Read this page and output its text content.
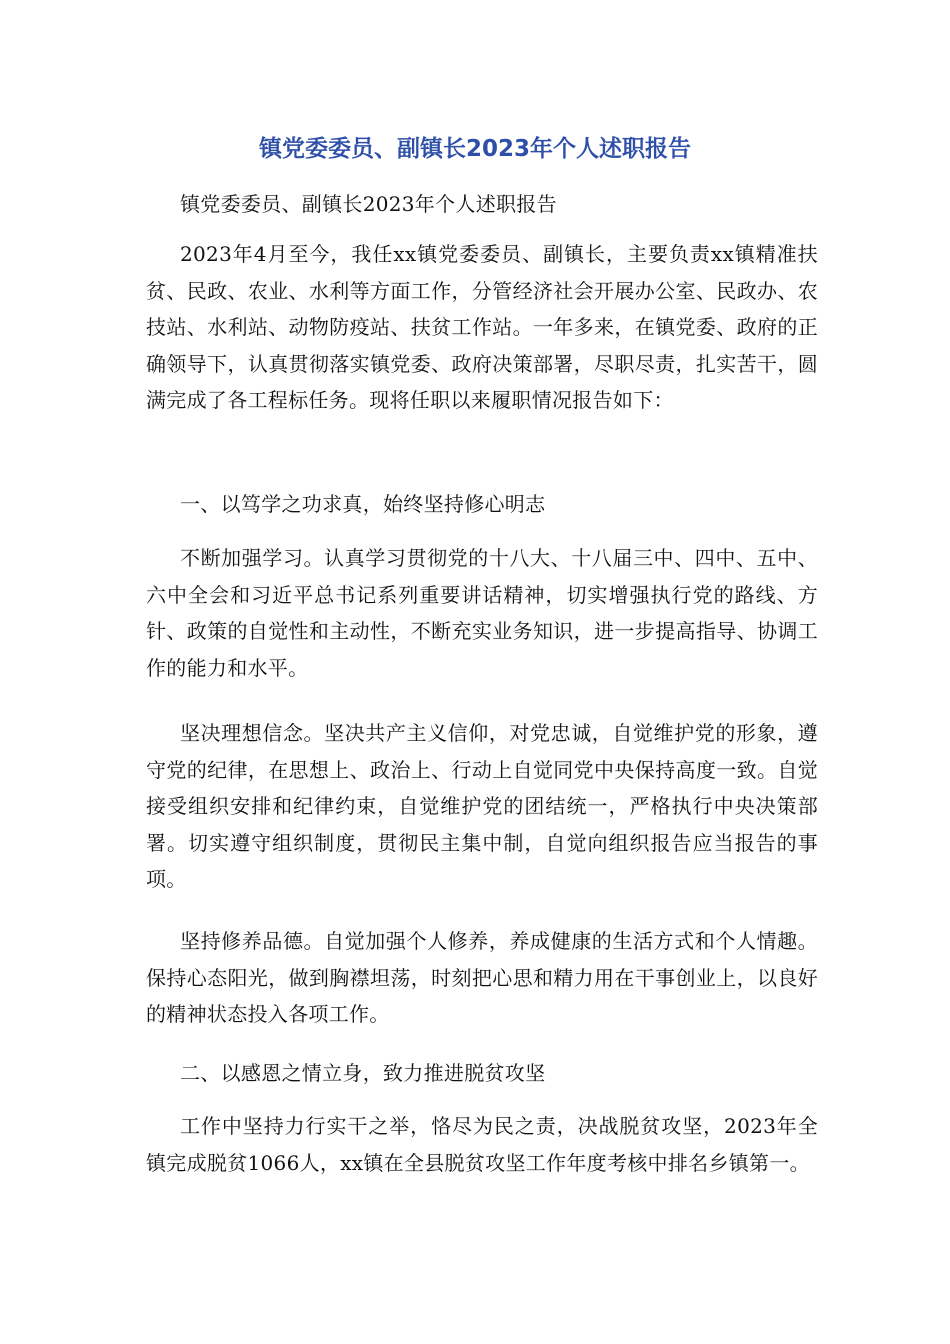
镇党委委员、副镇长2023年个人述职报告
镇党委委员、副镇长2023年个人述职报告
2023年4月至今，我任xx镇党委委员、副镇长，主要负责xx镇精准扶贫、民政、农业、水利等方面工作，分管经济社会开展办公室、民政办、农技站、水利站、动物防疫站、扶贫工作站。一年多来，在镇党委、政府的正确领导下，认真贯彻落实镇党委、政府决策部署，尽职尽责，扎实苦干，圆满完成了各工程标任务。现将任职以来履职情况报告如下：
一、以笃学之功求真，始终坚持修心明志
不断加强学习。认真学习贯彻党的十八大、十八届三中、四中、五中、六中全会和习近平总书记系列重要讲话精神，切实增强执行党的路线、方针、政策的自觉性和主动性，不断充实业务知识，进一步提高指导、协调工作的能力和水平。
坚决理想信念。坚决共产主义信仰，对党忠诚，自觉维护党的形象，遵守党的纪律，在思想上、政治上、行动上自觉同党中央保持高度一致。自觉接受组织安排和纪律约束，自觉维护党的团结统一，严格执行中央决策部署。切实遵守组织制度，贯彻民主集中制，自觉向组织报告应当报告的事项。
坚持修养品德。自觉加强个人修养，养成健康的生活方式和个人情趣。保持心态阳光，做到胸襟坦荡，时刻把心思和精力用在干事创业上，以良好的精神状态投入各项工作。
二、以感恩之情立身，致力推进脱贫攻坚
工作中坚持力行实干之举，恪尽为民之责，决战脱贫攻坚，2023年全镇完成脱贫1066人，xx镇在全县脱贫攻坚工作年度考核中排名乡镇第一。
